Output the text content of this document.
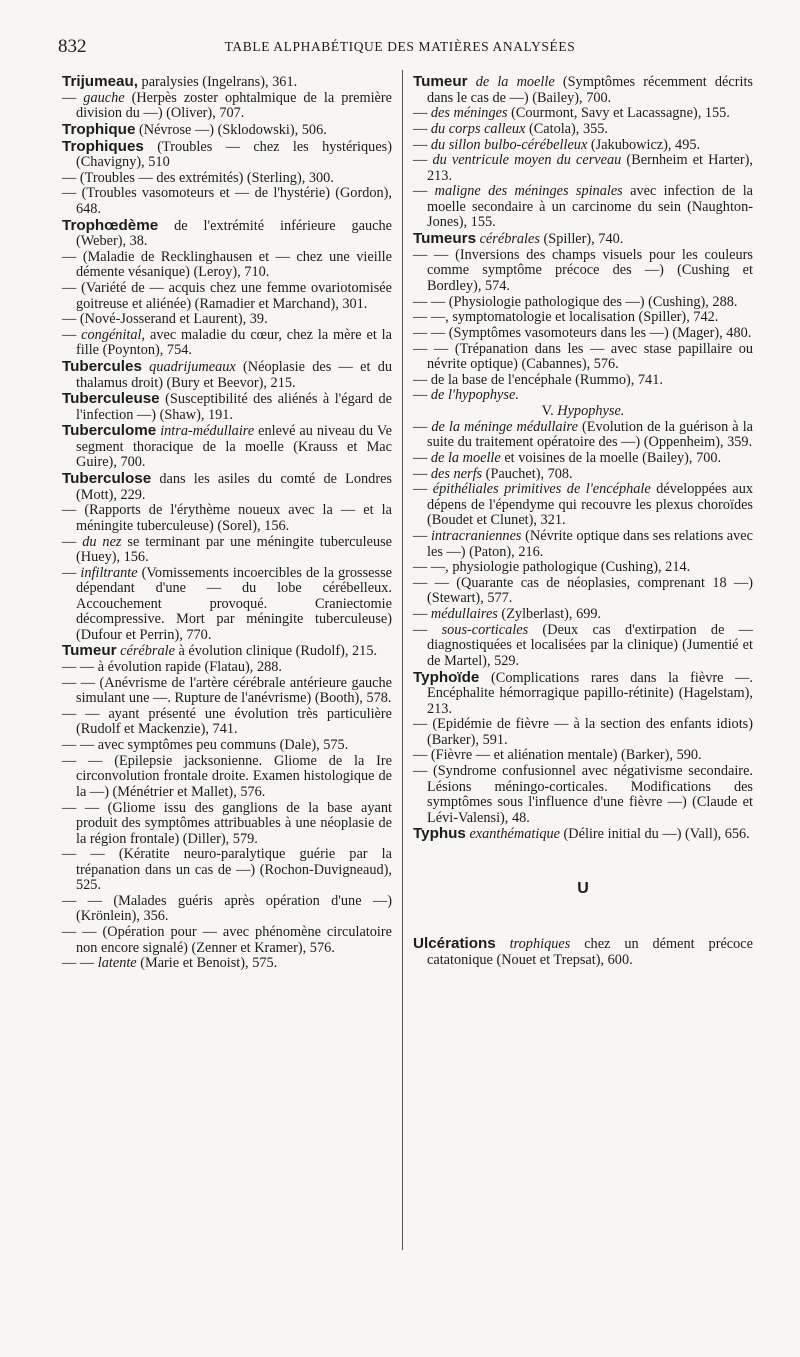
832	TABLE ALPHABÉTIQUE DES MATIÈRES ANALYSÉES
Trijumeau, paralysies (Ingelrans), 361.
— gauche (Herpès zoster ophtalmique de la première division du —) (Oliver), 707.
Trophique (Névrose —) (Sklodowski), 506.
Trophiques (Troubles — chez les hystériques) (Chavigny), 510
— (Troubles — des extrémités) (Sterling), 300.
— (Troubles vasomoteurs et — de l'hystérie) (Gordon), 648.
Trophœdème de l'extrémité inférieure gauche (Weber), 38.
— (Maladie de Recklinghausen et — chez une vieille démente vésanique) (Leroy), 710.
— (Variété de — acquis chez une femme ovariotomisée goitreuse et aliénée) (Ramadier et Marchand), 301.
— (Nové-Josserand et Laurent), 39.
— congénital, avec maladie du cœur, chez la mère et la fille (Poynton), 754.
Tubercules quadrijumeaux (Néoplasie des — et du thalamus droit) (Bury et Beevor), 215.
Tuberculeuse (Susceptibilité des aliénés à l'égard de l'infection —) (Shaw), 191.
Tuberculome intra-médullaire enlevé au niveau du Ve segment thoracique de la moelle (Krauss et Mac Guire), 700.
Tuberculose dans les asiles du comté de Londres (Mott), 229.
— (Rapports de l'érythème noueux avec la — et la méningite tuberculeuse) (Sorel), 156.
— du nez se terminant par une méningite tuberculeuse (Huey), 156.
— infiltrante (Vomissements incoercibles de la grossesse dépendant d'une — du lobe cérébelleux. Accouchement provoqué. Craniectomie décompressive. Mort par méningite tuberculeuse) (Dufour et Perrin), 770.
Tumeur cérébrale à évolution clinique (Rudolf), 215.
— — à évolution rapide (Flatau), 288.
— — (Anévrisme de l'artère cérébrale antérieure gauche simulant une —. Rupture de l'anévrisme) (Booth), 578.
— — ayant présenté une évolution très particulière (Rudolf et Mackenzie), 741.
— — avec symptômes peu communs (Dale), 575.
— — (Epilepsie jacksonienne. Gliome de la Ire circonvolution frontale droite. Examen histologique de la —) (Ménétrier et Mallet), 576.
— — (Gliome issu des ganglions de la base ayant produit des symptômes attribuables à une néoplasie de la région frontale) (Diller), 579.
— — (Kératite neuro-paralytique guérie par la trépanation dans un cas de —) (Rochon-Duvigneaud), 525.
— — (Malades guéris après opération d'une —) (Krönlein), 356.
— — (Opération pour — avec phénomène circulatoire non encore signalé) (Zenner et Kramer), 576.
— — latente (Marie et Benoist), 575.
Tumeur de la moelle (Symptômes récemment décrits dans le cas de —) (Bailey), 700.
— des méninges (Courmont, Savy et Lacassagne), 155.
— du corps calleux (Catola), 355.
— du sillon bulbo-cérébelleux (Jakubowicz), 495.
— du ventricule moyen du cerveau (Bernheim et Harter), 213.
— maligne des méninges spinales avec infection de la moelle secondaire à un carcinome du sein (Naughton-Jones), 155.
Tumeurs cérébrales (Spiller), 740.
— — (Inversions des champs visuels pour les couleurs comme symptôme précoce des —) (Cushing et Bordley), 574.
— — (Physiologie pathologique des —) (Cushing), 288.
— —, symptomatologie et localisation (Spiller), 742.
— — (Symptômes vasomoteurs dans les —) (Mager), 480.
— — (Trépanation dans les — avec stase papillaire ou névrite optique) (Cabannes), 576.
— de la base de l'encéphale (Rummo), 741.
— de l'hypophyse.
V. Hypophyse.
— de la méninge médullaire (Evolution de la guérison à la suite du traitement opératoire des —) (Oppenheim), 359.
— de la moelle et voisines de la moelle (Bailey), 700.
— des nerfs (Pauchet), 708.
— épithéliales primitives de l'encéphale développées aux dépens de l'épendyme qui recouvre les plexus choroïdes (Boudet et Clunet), 321.
— intracraniennes (Névrite optique dans ses relations avec les —) (Paton), 216.
— —, physiologie pathologique (Cushing), 214.
— — (Quarante cas de néoplasies, comprenant 18 —) (Stewart), 577.
— médullaires (Zylberlast), 699.
— sous-corticales (Deux cas d'extirpation de — diagnostiquées et localisées par la clinique) (Jumentié et de Martel), 529.
Typhoïde (Complications rares dans la fièvre —. Encéphalite hémorragique papillo-rétinite) (Hagelstam), 213.
— (Epidémie de fièvre — à la section des enfants idiots) (Barker), 591.
— (Fièvre — et aliénation mentale) (Barker), 590.
— (Syndrome confusionnel avec négativisme secondaire. Lésions méningo-corticales. Modifications des symptômes sous l'influence d'une fièvre —) (Claude et Lévi-Valensi), 48.
Typhus exanthématique (Délire initial du —) (Vall), 656.
U
Ulcérations trophiques chez un dément précoce catatonique (Nouet et Trepsat), 600.
